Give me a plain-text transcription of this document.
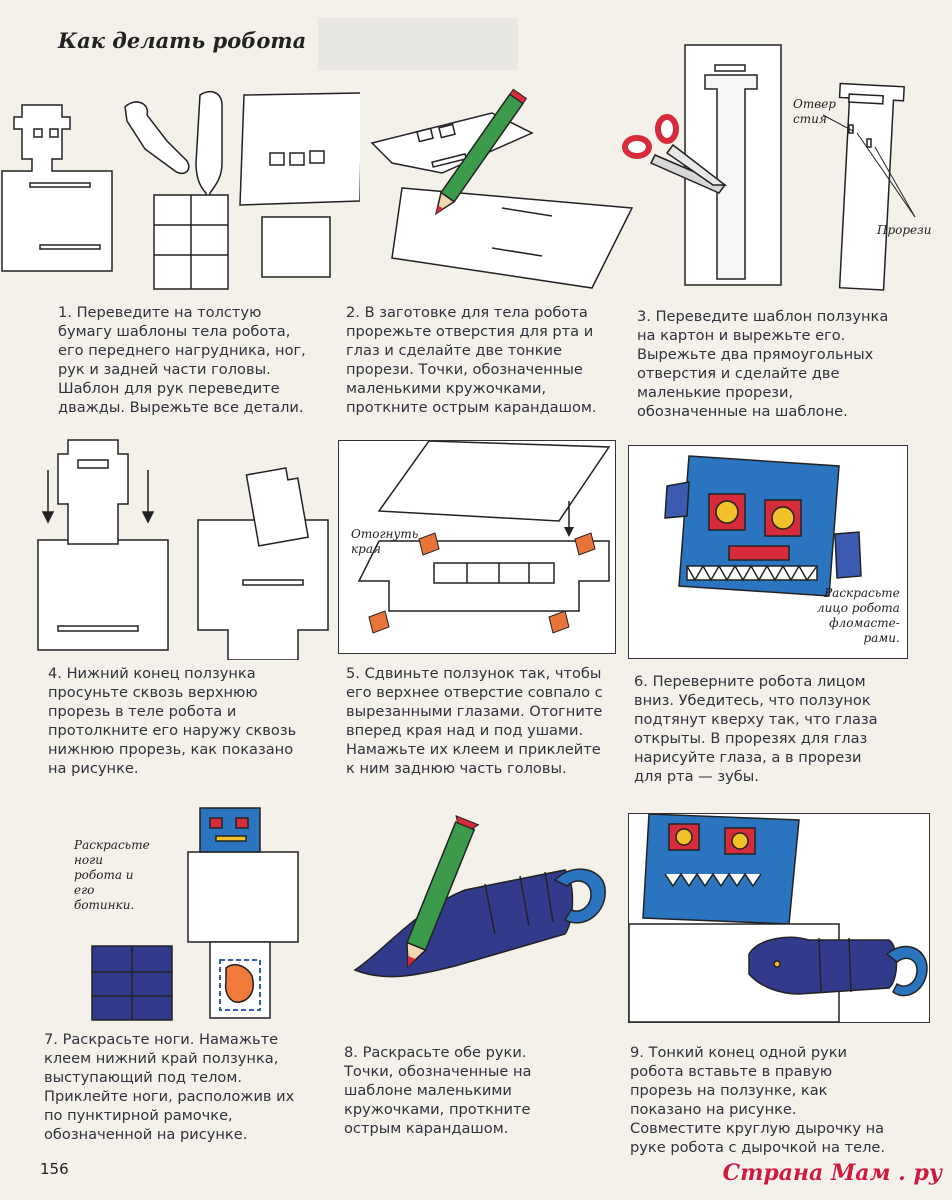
Как делать робота
Отвер
стия
Прорези
1. Переведите на толстую
бумагу шаблоны тела робота,
его переднего нагрудника, ног,
рук и задней части головы.
Шаблон для рук переведите
дважды. Вырежьте все детали.
2. В заготовке для тела робота
прорежьте отверстия для рта и
глаз и сделайте две тонкие
прорези. Точки, обозначенные
маленькими кружочками,
проткните острым карандашом.
3. Переведите шаблон ползунка
на картон и вырежьте его.
Вырежьте два прямоугольных
отверстия и сделайте две
маленькие прорези,
обозначенные на шаблоне.
Отогнуть
края
Раскрасьте
лицо робота
фломасте-
рами.
4. Нижний конец ползунка
просуньте сквозь верхнюю
прорезь в теле робота и
протолкните его наружу сквозь
нижнюю прорезь, как показано
на рисунке.
5. Сдвиньте ползунок так, чтобы
его верхнее отверстие совпало с
вырезанными глазами. Отогните
вперед края над и под ушами.
Намажьте их клеем и приклейте
к ним заднюю часть головы.
6. Переверните робота лицом
вниз. Убедитесь, что ползунок
подтянут кверху так, что глаза
открыты. В прорезях для глаз
нарисуйте глаза, а в прорези
для рта — зубы.
Раскрасьте
ноги
робота и
его
ботинки.
7. Раскрасьте ноги. Намажьте
клеем нижний край ползунка,
выступающий под телом.
Приклейте ноги, расположив их
по пунктирной рамочке,
обозначенной на рисунке.
8. Раскрасьте обе руки.
Точки, обозначенные на
шаблоне маленькими
кружочками, проткните
острым карандашом.
9. Тонкий конец одной руки
робота вставьте в правую
прорезь на ползунке, как
показано на рисунке.
Совместите круглую дырочку на
руке робота с дырочкой на теле.
156	Страна Мам . ру
